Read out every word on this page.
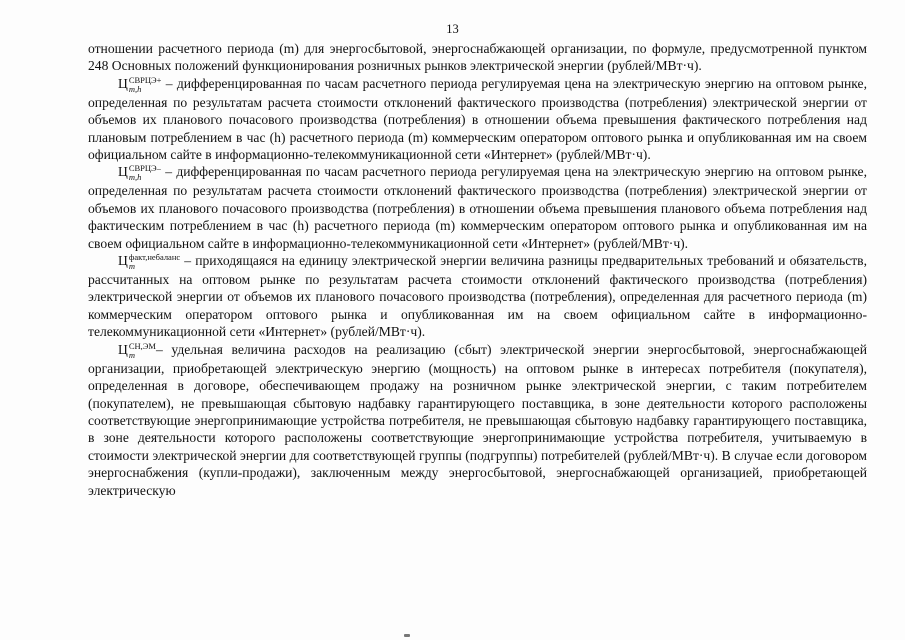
13

отношении расчетного периода (m) для энергосбытовой, энергоснабжающей организации, по формуле, предусмотренной пунктом 248 Основных положений функционирования розничных рынков электрической энергии (рублей/МВт·ч).

Ц СВРЦЭ+
m,h	– дифференцированная по часам расчетного периода регулируемая цена на электрическую энергию на оптовом рынке, определенная по результатам расчета стоимости отклонений фактического производства (потребления) электрической энергии от объемов их планового почасового производства (потребления) в отношении объема превышения фактического потребления над плановым потреблением в час (h) расчетного периода (m) коммерческим оператором оптового рынка и опубликованная им на своем официальном сайте в информационно-телекоммуникационной сети «Интернет» (рублей/МВт·ч).

Ц СВРЦЭ–
m,h	– дифференцированная по часам расчетного периода регулируемая цена на электрическую энергию на оптовом рынке, определенная по результатам расчета стоимости отклонений фактического производства (потребления) электрической энергии от объемов их планового почасового производства (потребления) в отношении объема превышения планового объема потребления над фактическим потреблением в час (h) расчетного периода (m) коммерческим оператором оптового рынка и опубликованная им на своем официальном сайте в информационно-телекоммуникационной сети «Интернет» (рублей/МВт·ч).

Ц факт,небаланс
m	– приходящаяся на единицу электрической энергии величина разницы предварительных требований и обязательств, рассчитанных на оптовом рынке по результатам расчета стоимости отклонений фактического производства (потребления) электрической энергии от объемов их планового почасового производства (потребления), определенная для расчетного периода (m) коммерческим оператором оптового рынка и опубликованная им на своем официальном сайте в информационно-телекоммуникационной сети «Интернет» (рублей/МВт·ч).

Ц СН,ЭМ
m	– удельная величина расходов на реализацию (сбыт) электрической энергии энергосбытовой, энергоснабжающей организации, приобретающей электрическую энергию (мощность) на оптовом рынке в интересах потребителя (покупателя), определенная в договоре, обеспечивающем продажу на розничном рынке электрической энергии, с таким потребителем (покупателем), не превышающая сбытовую надбавку гарантирующего поставщика, в зоне деятельности которого расположены соответствующие энергопринимающие устройства потребителя, не превышающая сбытовую надбавку гарантирующего поставщика, в зоне деятельности которого расположены соответствующие энергопринимающие устройства потребителя, учитываемую в стоимости электрической энергии для соответствующей группы (подгруппы) потребителей (рублей/МВт·ч). В случае если договором энергоснабжения (купли-продажи), заключенным между энергосбытовой, энергоснабжающей организацией, приобретающей электрическую
